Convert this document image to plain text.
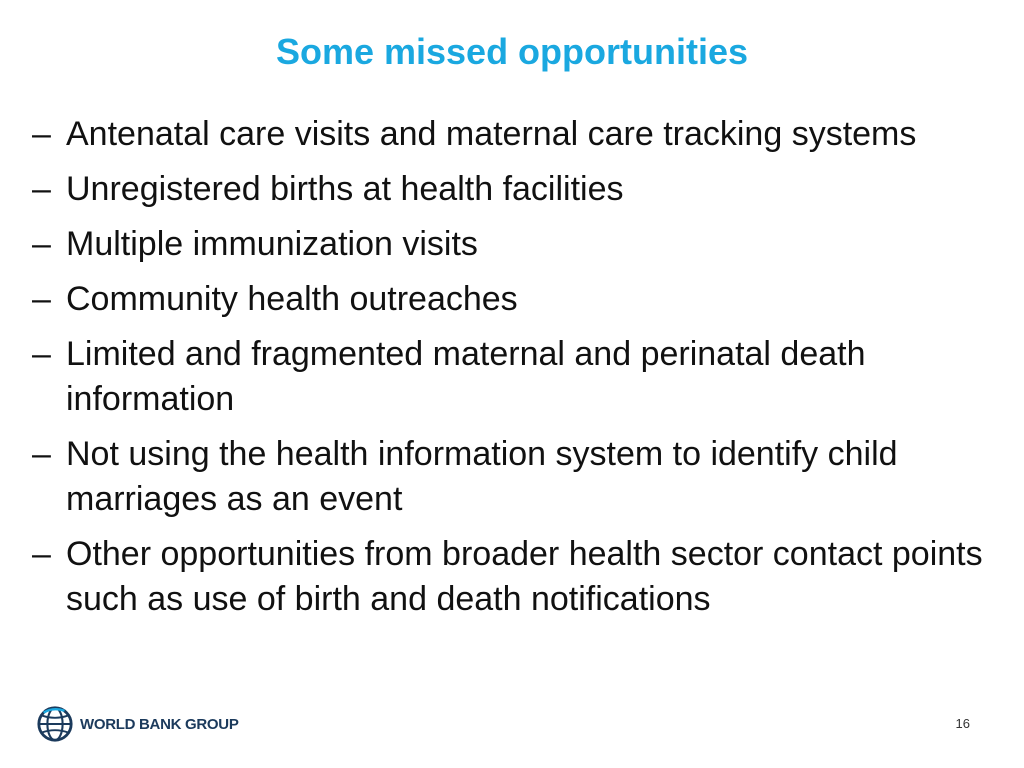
Some missed opportunities
– Antenatal care visits and maternal care tracking systems
– Unregistered births at health facilities
– Multiple immunization visits
– Community health outreaches
– Limited and fragmented maternal and perinatal death information
– Not using the health information system to identify child marriages as an event
– Other opportunities from broader health sector contact points such as use of birth and death notifications
WORLD BANK GROUP	16
